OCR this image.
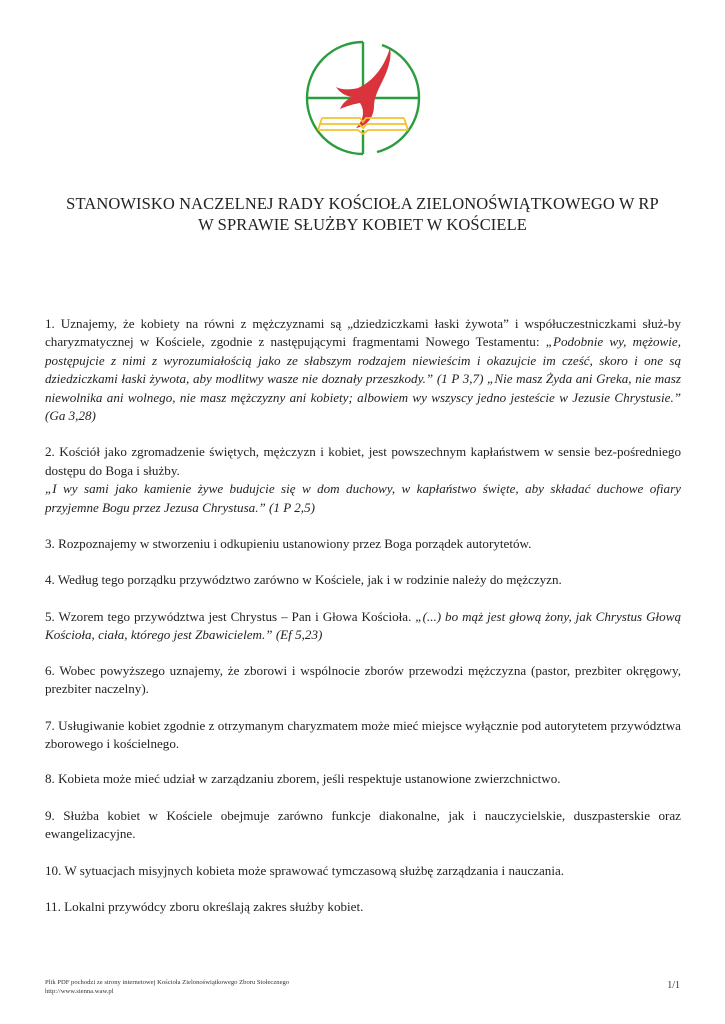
STANOWISKO NACZELNEJ RADY KOŚCIOŁA ZIELONOŚWIĄTKOWEGO W RP
W SPRAWIE SŁUŻBY KOBIET W KOŚCIELE

1. Uznajemy, że kobiety na równi z mężczyznami są „dziedziczkami łaski żywota” i współuczestniczkami służ-by charyzmatycznej w Kościele, zgodnie z następującymi fragmentami Nowego Testamentu: „Podobnie wy, mężowie, postępujcie z nimi z wyrozumiałością jako ze słabszym rodzajem niewieścim i okazujcie im cześć, skoro i one są dziedziczkami łaski żywota, aby modlitwy wasze nie doznały przeszkody.” (1 P 3,7) „Nie masz Żyda ani Greka, nie masz niewolnika ani wolnego, nie masz mężczyzny ani kobiety; albowiem wy wszyscy jedno jesteście w Jezusie Chrystusie.” (Ga 3,28)

2. Kościół jako zgromadzenie świętych, mężczyzn i kobiet, jest powszechnym kapłaństwem w sensie bez-pośredniego dostępu do Boga i służby.
„I wy sami jako kamienie żywe budujcie się w dom duchowy, w kapłaństwo święte, aby składać duchowe ofiary przyjemne Bogu przez Jezusa Chrystusa.” (1 P 2,5)

3. Rozpoznajemy w stworzeniu i odkupieniu ustanowiony przez Boga porządek autorytetów.

4. Według tego porządku przywództwo zarówno w Kościele, jak i w rodzinie należy do mężczyzn.

5. Wzorem tego przywództwa jest Chrystus – Pan i Głowa Kościoła. „(...) bo mąż jest głową żony, jak Chrystus Głową Kościoła, ciała, którego jest Zbawicielem.” (Ef 5,23)

6. Wobec powyższego uznajemy, że zborowi i wspólnocie zborów przewodzi mężczyzna (pastor, prezbiter okręgowy, prezbiter naczelny).

7. Usługiwanie kobiet zgodnie z otrzymanym charyzmatem może mieć miejsce wyłącznie pod autorytetem przywództwa zborowego i kościelnego.

8. Kobieta może mieć udział w zarządzaniu zborem, jeśli respektuje ustanowione zwierzchnictwo.

9. Służba kobiet w Kościele obejmuje zarówno funkcje diakonalne, jak i nauczycielskie, duszpasterskie oraz ewangelizacyjne.

10. W sytuacjach misyjnych kobieta może sprawować tymczasową służbę zarządzania i nauczania.

11. Lokalni przywódcy zboru określają zakres służby kobiet.

Plik PDF pochodzi ze strony internetowej Kościoła Zielonoświątkowego Zboru Stołecznego
http://www.sienna.waw.pl
1/1
